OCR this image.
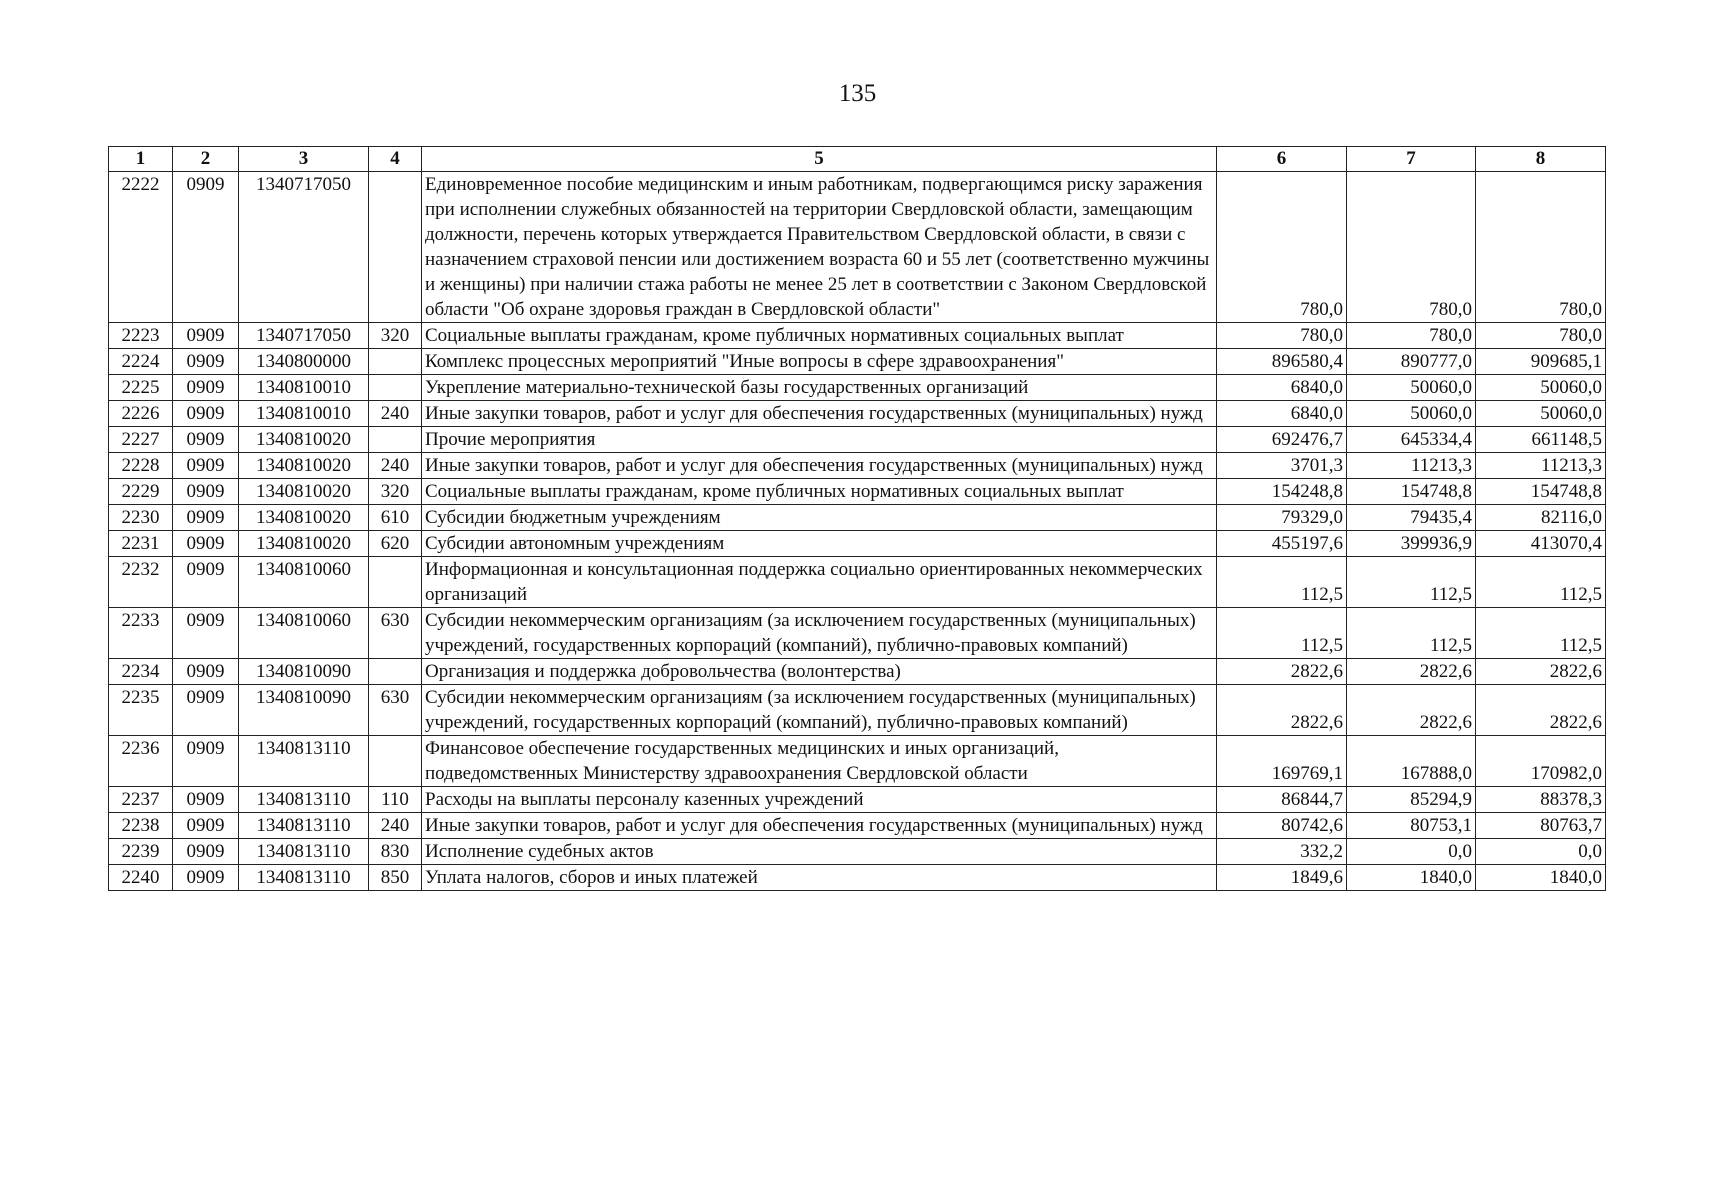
135
1	2	3	4	5	6	7	8
2222	0909	1340717050		Единовременное пособие медицинским и иным работникам, подвергающимся риску заражения при исполнении служебных обязанностей на территории Свердловской области, замещающим должности, перечень которых утверждается Правительством Свердловской области, в связи с назначением страховой пенсии или достижением возраста 60 и 55 лет (соответственно мужчины и женщины) при наличии стажа работы не менее 25 лет в соответствии с Законом Свердловской области "Об охране здоровья граждан в Свердловской области"	780,0	780,0	780,0
2223	0909	1340717050	320	Социальные выплаты гражданам, кроме публичных нормативных социальных выплат	780,0	780,0	780,0
2224	0909	1340800000		Комплекс процессных мероприятий "Иные вопросы в сфере здравоохранения"	896580,4	890777,0	909685,1
2225	0909	1340810010		Укрепление материально-технической базы государственных организаций	6840,0	50060,0	50060,0
2226	0909	1340810010	240	Иные закупки товаров, работ и услуг для обеспечения государственных (муниципальных) нужд	6840,0	50060,0	50060,0
2227	0909	1340810020		Прочие мероприятия	692476,7	645334,4	661148,5
2228	0909	1340810020	240	Иные закупки товаров, работ и услуг для обеспечения государственных (муниципальных) нужд	3701,3	11213,3	11213,3
2229	0909	1340810020	320	Социальные выплаты гражданам, кроме публичных нормативных социальных выплат	154248,8	154748,8	154748,8
2230	0909	1340810020	610	Субсидии бюджетным учреждениям	79329,0	79435,4	82116,0
2231	0909	1340810020	620	Субсидии автономным учреждениям	455197,6	399936,9	413070,4
2232	0909	1340810060		Информационная и консультационная поддержка социально ориентированных некоммерческих организаций	112,5	112,5	112,5
2233	0909	1340810060	630	Субсидии некоммерческим организациям (за исключением государственных (муниципальных) учреждений, государственных корпораций (компаний), публично-правовых компаний)	112,5	112,5	112,5
2234	0909	1340810090		Организация и поддержка добровольчества (волонтерства)	2822,6	2822,6	2822,6
2235	0909	1340810090	630	Субсидии некоммерческим организациям (за исключением государственных (муниципальных) учреждений, государственных корпораций (компаний), публично-правовых компаний)	2822,6	2822,6	2822,6
2236	0909	1340813110		Финансовое обеспечение государственных медицинских и иных организаций, подведомственных Министерству здравоохранения Свердловской области	169769,1	167888,0	170982,0
2237	0909	1340813110	110	Расходы на выплаты персоналу казенных учреждений	86844,7	85294,9	88378,3
2238	0909	1340813110	240	Иные закупки товаров, работ и услуг для обеспечения государственных (муниципальных) нужд	80742,6	80753,1	80763,7
2239	0909	1340813110	830	Исполнение судебных актов	332,2	0,0	0,0
2240	0909	1340813110	850	Уплата налогов, сборов и иных платежей	1849,6	1840,0	1840,0
